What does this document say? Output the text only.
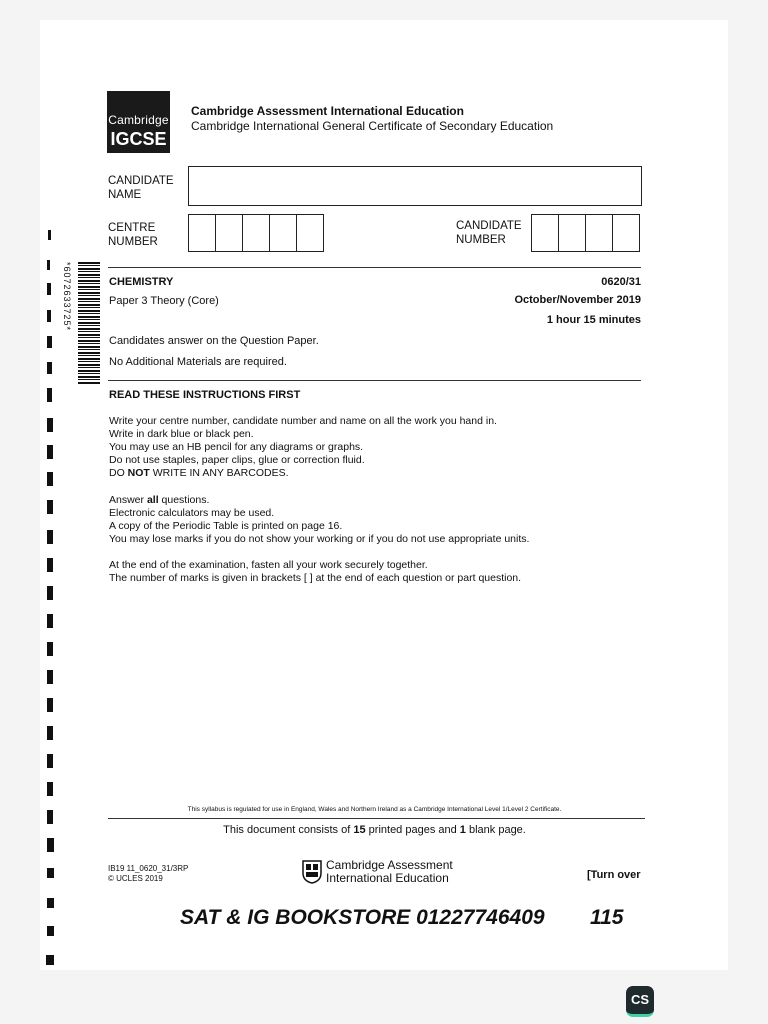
Cambridge
IGCSE
Cambridge Assessment International Education
Cambridge International General Certificate of Secondary Education
CANDIDATE
NAME
CENTRE
NUMBER
CANDIDATE
NUMBER
*6072633725*	CHEMISTRY	0620/31
Paper 3 Theory (Core)	October/November 2019
1 hour 15 minutes
Candidates answer on the Question Paper.
No Additional Materials are required.
READ THESE INSTRUCTIONS FIRST
Write your centre number, candidate number and name on all the work you hand in.
Write in dark blue or black pen.
You may use an HB pencil for any diagrams or graphs.
Do not use staples, paper clips, glue or correction fluid.
DO NOT WRITE IN ANY BARCODES.
Answer all questions.
Electronic calculators may be used.
A copy of the Periodic Table is printed on page 16.
You may lose marks if you do not show your working or if you do not use appropriate units.
At the end of the examination, fasten all your work securely together.
The number of marks is given in brackets [ ] at the end of each question or part question.
This syllabus is regulated for use in England, Wales and Northern Ireland as a Cambridge International Level 1/Level 2 Certificate.
This document consists of 15 printed pages and 1 blank page.
IB19 11_0620_31/3RP
© UCLES 2019
Cambridge Assessment
International Education	[Turn over
SAT & IG BOOKSTORE 01227746409 115
CS
